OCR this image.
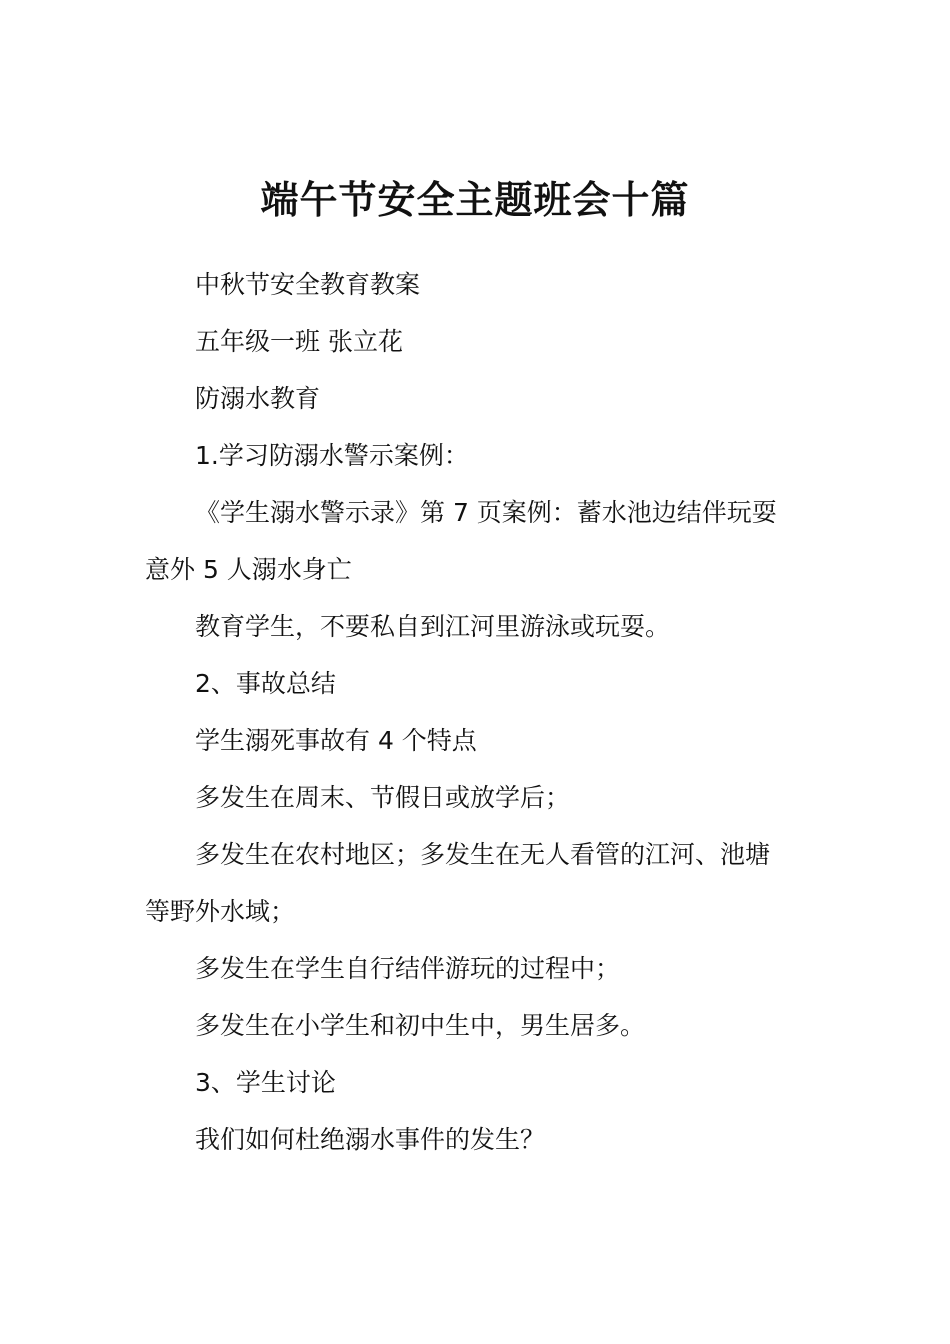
端午节安全主题班会十篇

中秋节安全教育教案

五年级一班 张立花

防溺水教育

1.学习防溺水警示案例：

《学生溺水警示录》第 7 页案例：蓄水池边结伴玩耍

意外 5 人溺水身亡

教育学生，不要私自到江河里游泳或玩耍。

2、事故总结

学生溺死事故有 4 个特点

多发生在周末、节假日或放学后；

多发生在农村地区；多发生在无人看管的江河、池塘

等野外水域；

多发生在学生自行结伴游玩的过程中；

多发生在小学生和初中生中，男生居多。

3、学生讨论

我们如何杜绝溺水事件的发生？
